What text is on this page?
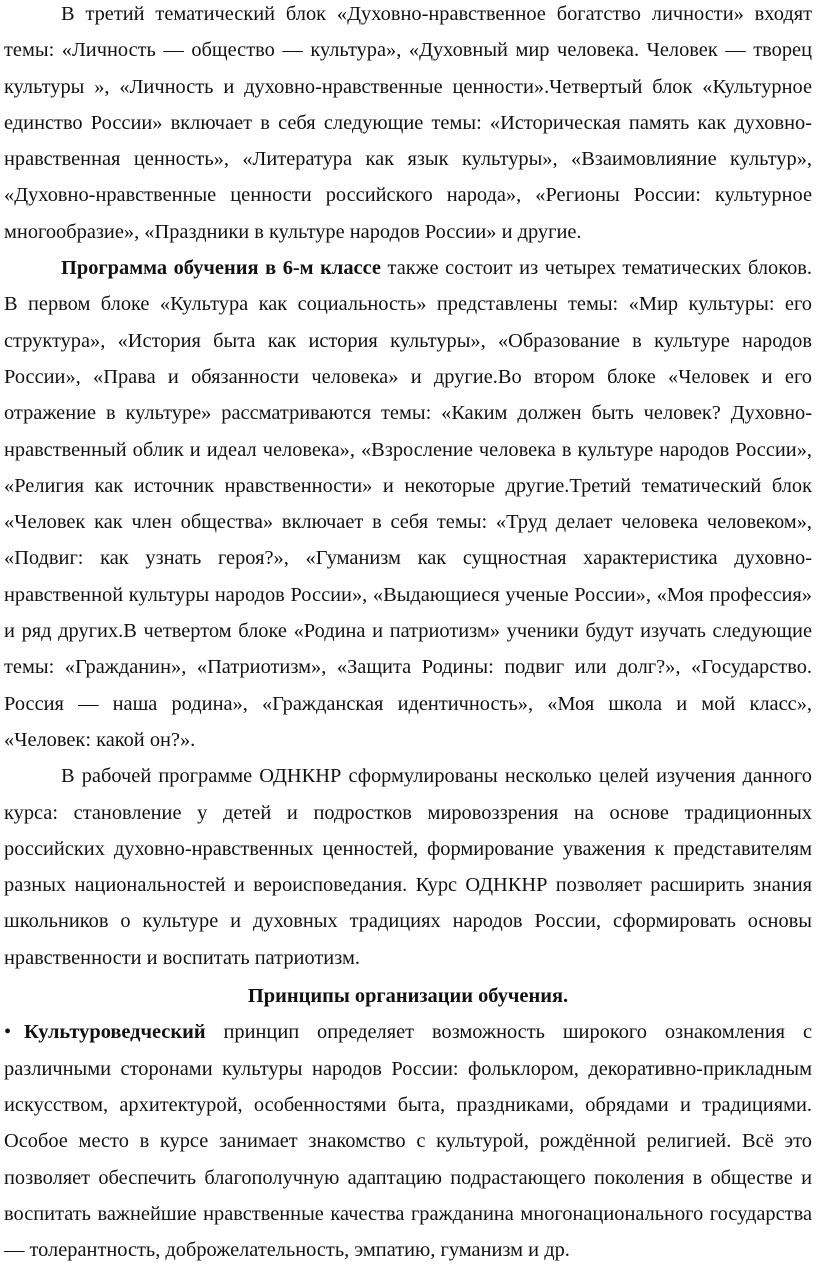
В третий тематический блок «Духовно-нравственное богатство личности» входят темы: «Личность — общество — культура», «Духовный мир человека. Человек — творец культуры », «Личность и духовно-нравственные ценности».Четвертый блок «Культурное единство России» включает в себя следующие темы: «Историческая память как духовно-нравственная ценность», «Литература как язык культуры», «Взаимовлияние культур», «Духовно-нравственные ценности российского народа», «Регионы России: культурное многообразие», «Праздники в культуре народов России» и другие.

Программа обучения в 6-м классе также состоит из четырех тематических блоков. В первом блоке «Культура как социальность» представлены темы: «Мир культуры: его структура», «История быта как история культуры», «Образование в культуре народов России», «Права и обязанности человека» и другие.Во втором блоке «Человек и его отражение в культуре» рассматриваются темы: «Каким должен быть человек? Духовно-нравственный облик и идеал человека», «Взросление человека в культуре народов России», «Религия как источник нравственности» и некоторые другие.Третий тематический блок «Человек как член общества» включает в себя темы: «Труд делает человека человеком», «Подвиг: как узнать героя?», «Гуманизм как сущностная характеристика духовно-нравственной культуры народов России», «Выдающиеся ученые России», «Моя профессия» и ряд других.В четвертом блоке «Родина и патриотизм» ученики будут изучать следующие темы: «Гражданин», «Патриотизм», «Защита Родины: подвиг или долг?», «Государство. Россия — наша родина», «Гражданская идентичность», «Моя школа и мой класс», «Человек: какой он?».

В рабочей программе ОДНКНР сформулированы несколько целей изучения данного курса: становление у детей и подростков мировоззрения на основе традиционных российских духовно-нравственных ценностей, формирование уважения к представителям разных национальностей и вероисповедания. Курс ОДНКНР позволяет расширить знания школьников о культуре и духовных традициях народов России, сформировать основы нравственности и воспитать патриотизм.

Принципы организации обучения.

• Культуроведческий принцип определяет возможность широкого ознакомления с различными сторонами культуры народов России: фольклором, декоративно-прикладным искусством, архитектурой, особенностями быта, праздниками, обрядами и традициями. Особое место в курсе занимает знакомство с культурой, рождённой религией. Всё это позволяет обеспечить благополучную адаптацию подрастающего поколения в обществе и воспитать важнейшие нравственные качества гражданина многонационального государства — толерантность, доброжелательность, эмпатию, гуманизм и др.
